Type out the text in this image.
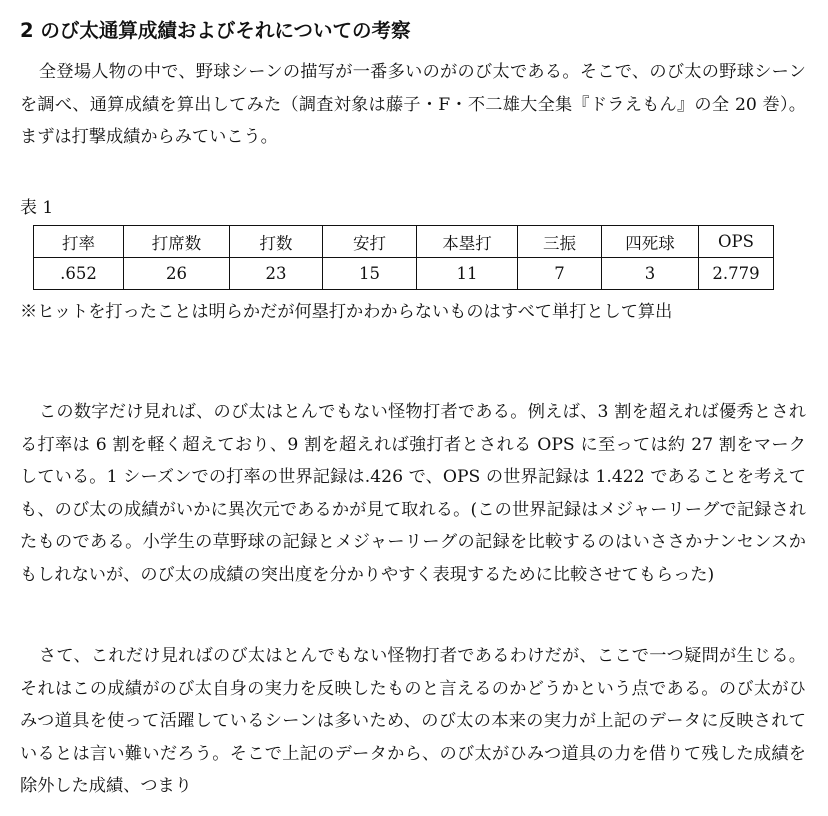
2 のび太通算成績およびそれについての考察

全登場人物の中で、野球シーンの描写が一番多いのがのび太である。そこで、のび太の野球シーンを調べ、通算成績を算出してみた（調査対象は藤子・F・不二雄大全集『ドラえもん』の全 20 巻）。まずは打撃成績からみていこう。

表 1

打率	打席数	打数	安打	本塁打	三振	四死球	OPS
.652	26	23	15	11	7	3	2.779

※ヒットを打ったことは明らかだが何塁打かわからないものはすべて単打として算出

この数字だけ見れば、のび太はとんでもない怪物打者である。例えば、3 割を超えれば優秀とされる打率は 6 割を軽く超えており、9 割を超えれば強打者とされる OPS に至っては約 27 割をマークしている。1 シーズンでの打率の世界記録は.426 で、OPS の世界記録は 1.422 であることを考えても、のび太の成績がいかに異次元であるかが見て取れる。(この世界記録はメジャーリーグで記録されたものである。小学生の草野球の記録とメジャーリーグの記録を比較するのはいささかナンセンスかもしれないが、のび太の成績の突出度を分かりやすく表現するために比較させてもらった)

さて、これだけ見ればのび太はとんでもない怪物打者であるわけだが、ここで一つ疑問が生じる。それはこの成績がのび太自身の実力を反映したものと言えるのかどうかという点である。のび太がひみつ道具を使って活躍しているシーンは多いため、のび太の本来の実力が上記のデータに反映されているとは言い難いだろう。そこで上記のデータから、のび太がひみつ道具の力を借りて残した成績を除外した成績、つまり
